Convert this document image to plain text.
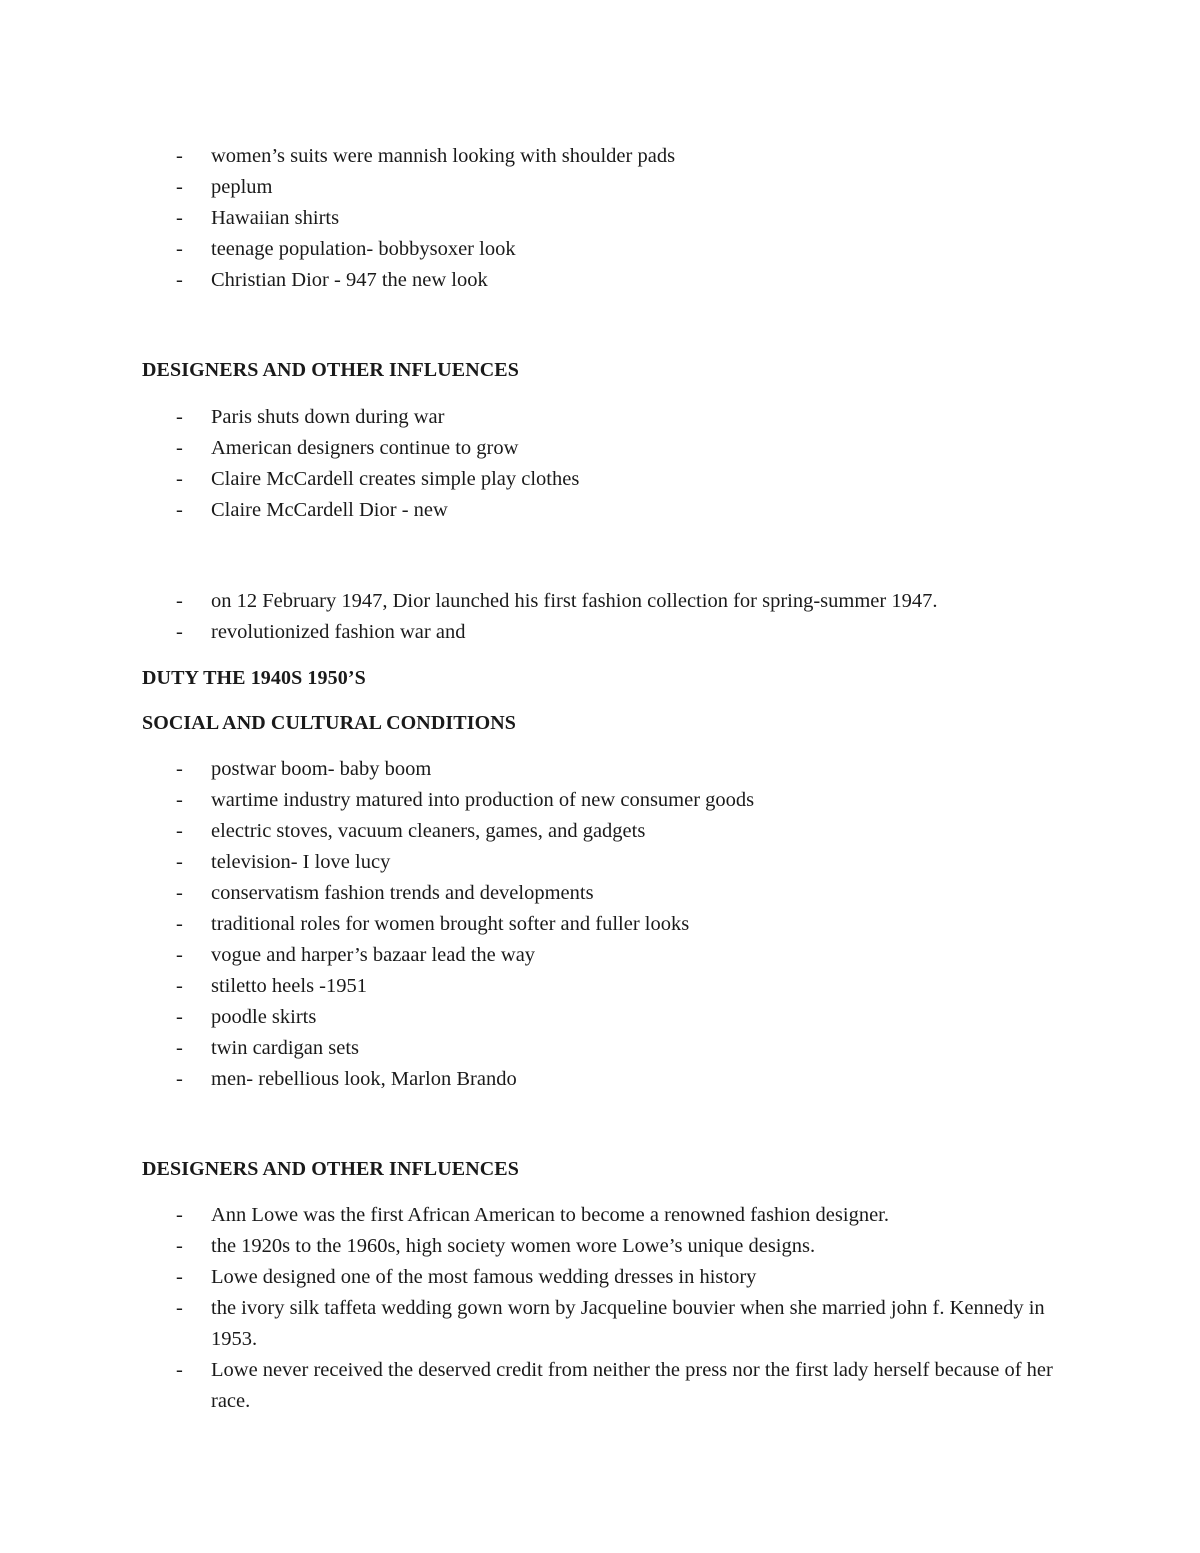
- women’s suits were mannish looking with shoulder pads
- peplum
- Hawaiian shirts
- teenage population- bobbysoxer look
- Christian Dior - 947 the new look
DESIGNERS AND OTHER INFLUENCES
- Paris shuts down during war
- American designers continue to grow
- Claire McCardell creates simple play clothes
- Claire McCardell Dior - new
- on 12 February 1947, Dior launched his first fashion collection for spring-summer 1947.
- revolutionized fashion war and
DUTY THE 1940S 1950’S
SOCIAL AND CULTURAL CONDITIONS
- postwar boom- baby boom
- wartime industry matured into production of new consumer goods
- electric stoves, vacuum cleaners, games, and gadgets
- television- I love lucy
- conservatism fashion trends and developments
- traditional roles for women brought softer and fuller looks
- vogue and harper’s bazaar lead the way
- stiletto heels -1951
- poodle skirts
- twin cardigan sets
- men- rebellious look, Marlon Brando
DESIGNERS AND OTHER INFLUENCES
- Ann Lowe was the first African American to become a renowned fashion designer.
- the 1920s to the 1960s, high society women wore Lowe’s unique designs.
- Lowe designed one of the most famous wedding dresses in history
- the ivory silk taffeta wedding gown worn by Jacqueline bouvier when she married john f. Kennedy in 1953.
- Lowe never received the deserved credit from neither the press nor the first lady herself because of her race.
